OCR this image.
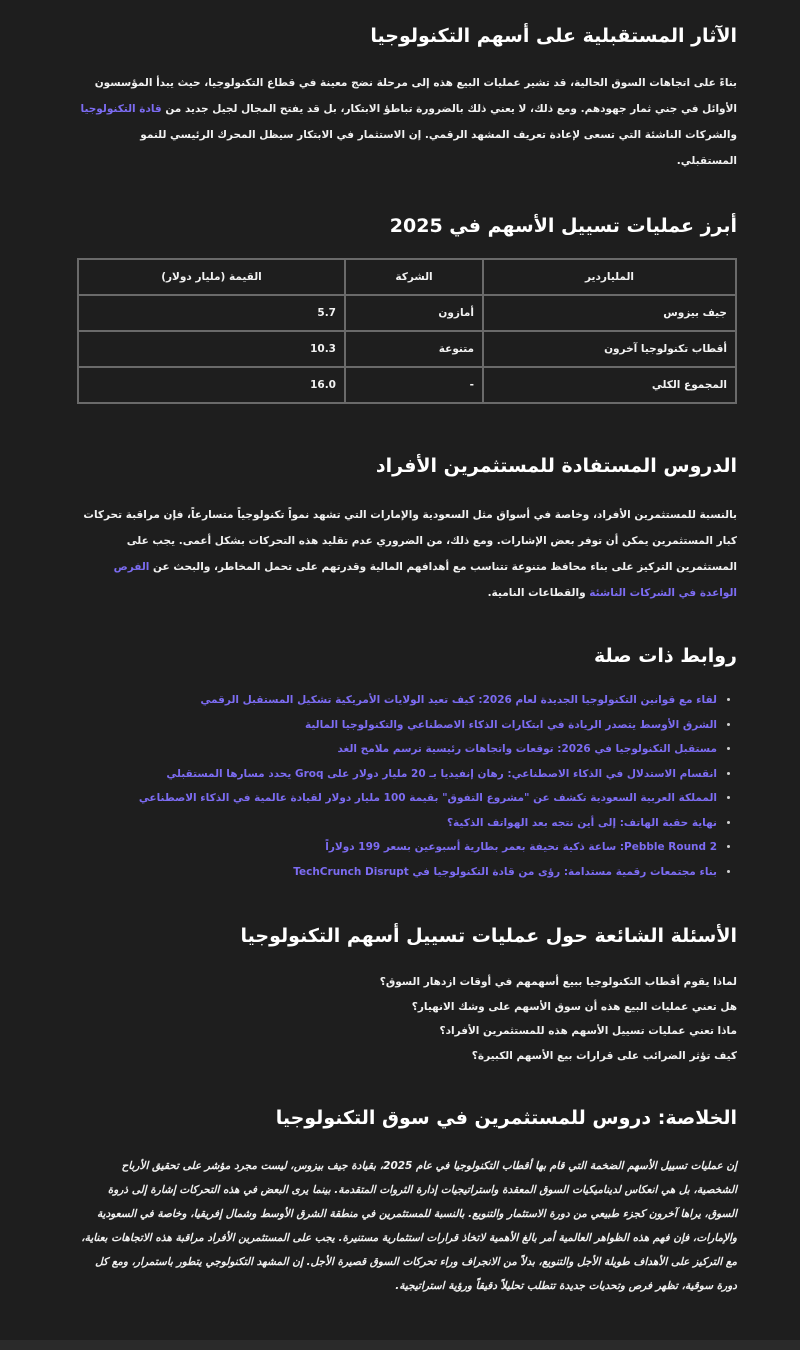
الآثار المستقبلية على أسهم التكنولوجيا

بناءً على اتجاهات السوق الحالية، قد تشير عمليات البيع هذه إلى مرحلة نضج معينة في قطاع التكنولوجيا، حيث يبدأ المؤسسون الأوائل في جني ثمار جهودهم. ومع ذلك، لا يعني ذلك بالضرورة تباطؤ الابتكار، بل قد يفتح المجال لجيل جديد من قادة التكنولوجيا والشركات الناشئة التي تسعى لإعادة تعريف المشهد الرقمي. إن الاستثمار في الابتكار سيظل المحرك الرئيسي للنمو المستقبلي.

أبرز عمليات تسييل الأسهم في 2025
الملياردير	الشركة	القيمة (مليار دولار)
جيف بيزوس	أمازون	5.7
أقطاب تكنولوجيا آخرون	متنوعة	10.3
المجموع الكلي	-	16.0
الدروس المستفادة للمستثمرين الأفراد

بالنسبة للمستثمرين الأفراد، وخاصة في أسواق مثل السعودية والإمارات التي تشهد نمواً تكنولوجياً متسارعاً، فإن مراقبة تحركات كبار المستثمرين يمكن أن توفر بعض الإشارات. ومع ذلك، من الضروري عدم تقليد هذه التحركات بشكل أعمى. يجب على المستثمرين التركيز على بناء محافظ متنوعة تتناسب مع أهدافهم المالية وقدرتهم على تحمل المخاطر، والبحث عن الفرص الواعدة في الشركات الناشئة والقطاعات النامية.

روابط ذات صلة
• لقاء مع قوانين التكنولوجيا الجديدة لعام 2026: كيف تعيد الولايات الأمريكية تشكيل المستقبل الرقمي
• الشرق الأوسط يتصدر الريادة في ابتكارات الذكاء الاصطناعي والتكنولوجيا المالية
• مستقبل التكنولوجيا في 2026: توقعات واتجاهات رئيسية ترسم ملامح الغد
• انقسام الاستدلال في الذكاء الاصطناعي: رهان إنفيديا بـ 20 مليار دولار على Groq يحدد مسارها المستقبلي
• المملكة العربية السعودية تكشف عن "مشروع التفوق" بقيمة 100 مليار دولار لقيادة عالمية في الذكاء الاصطناعي
• نهاية حقبة الهاتف: إلى أين نتجه بعد الهواتف الذكية؟
• Pebble Round 2: ساعة ذكية نحيفة بعمر بطارية أسبوعين بسعر 199 دولاراً
• بناء مجتمعات رقمية مستدامة: رؤى من قادة التكنولوجيا في TechCrunch Disrupt
الأسئلة الشائعة حول عمليات تسييل أسهم التكنولوجيا
لماذا يقوم أقطاب التكنولوجيا ببيع أسهمهم في أوقات ازدهار السوق؟
هل تعني عمليات البيع هذه أن سوق الأسهم على وشك الانهيار؟
ماذا تعني عمليات تسييل الأسهم هذه للمستثمرين الأفراد؟
كيف تؤثر الضرائب على قرارات بيع الأسهم الكبيرة؟
الخلاصة: دروس للمستثمرين في سوق التكنولوجيا

إن عمليات تسييل الأسهم الضخمة التي قام بها أقطاب التكنولوجيا في عام 2025، بقيادة جيف بيزوس، ليست مجرد مؤشر على تحقيق الأرباح الشخصية، بل هي انعكاس لديناميكيات السوق المعقدة واستراتيجيات إدارة الثروات المتقدمة. بينما يرى البعض في هذه التحركات إشارة إلى ذروة السوق، يراها آخرون كجزء طبيعي من دورة الاستثمار والتنويع. بالنسبة للمستثمرين في منطقة الشرق الأوسط وشمال إفريقيا، وخاصة في السعودية والإمارات، فإن فهم هذه الظواهر العالمية أمر بالغ الأهمية لاتخاذ قرارات استثمارية مستنيرة. يجب على المستثمرين الأفراد مراقبة هذه الاتجاهات بعناية، مع التركيز على الأهداف طويلة الأجل والتنويع، بدلاً من الانجراف وراء تحركات السوق قصيرة الأجل. إن المشهد التكنولوجي يتطور باستمرار، ومع كل دورة سوقية، تظهر فرص وتحديات جديدة تتطلب تحليلاً دقيقاً ورؤية استراتيجية.
